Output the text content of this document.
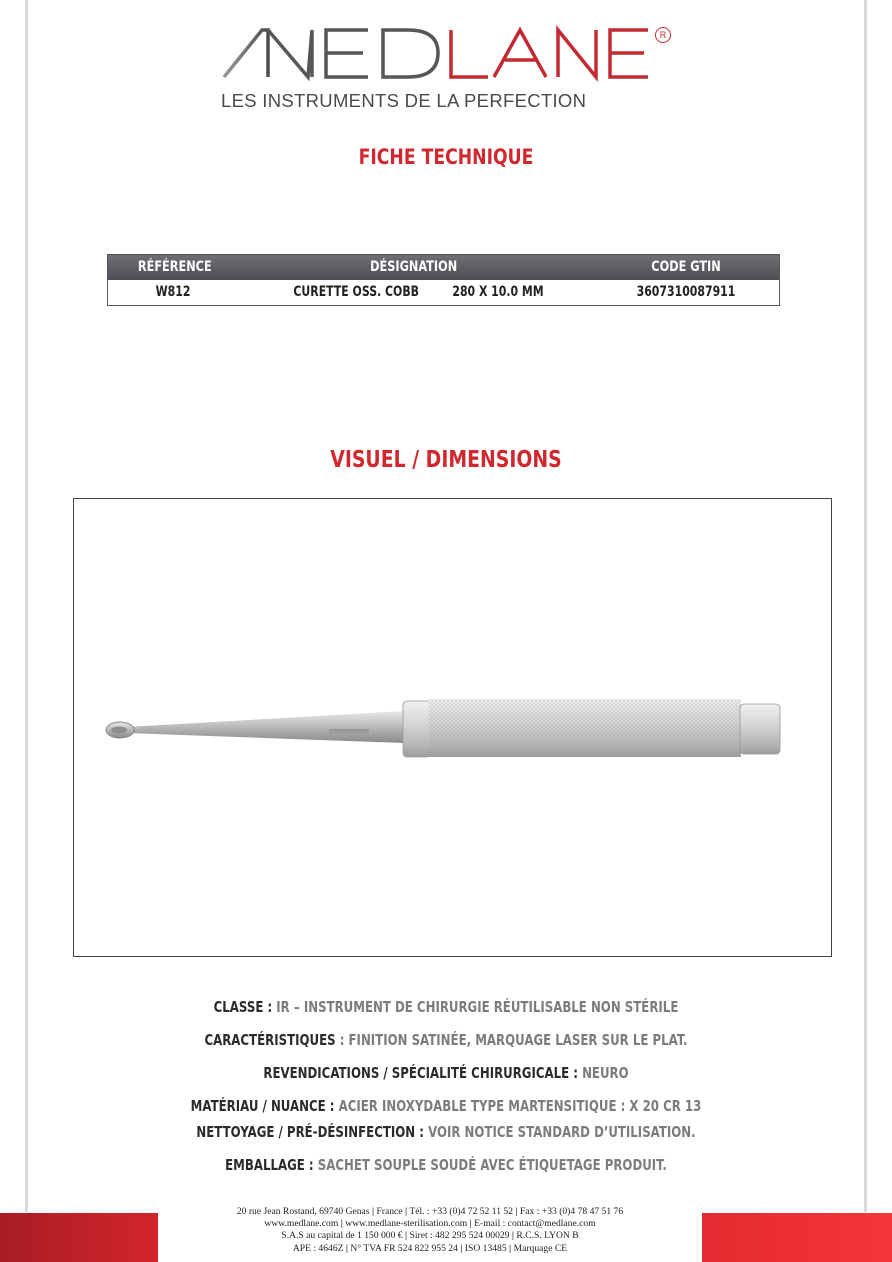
R
LES INSTRUMENTS DE LA PERFECTION
FICHE TECHNIQUE
RÉFÉRENCE	DÉSIGNATION	CODE GTIN
W812	CURETTE OSS. COBB 280 X 10.0 MM	3607310087911
VISUEL / DIMENSIONS
CLASSE : IR – INSTRUMENT DE CHIRURGIE RÉUTILISABLE NON STÉRILE
CARACTÉRISTIQUES : FINITION SATINÉE, MARQUAGE LASER SUR LE PLAT.
REVENDICATIONS / SPÉCIALITÉ CHIRURGICALE : NEURO
MATÉRIAU / NUANCE : ACIER INOXYDABLE TYPE MARTENSITIQUE : X 20 CR 13
NETTOYAGE / PRÉ-DÉSINFECTION : VOIR NOTICE STANDARD D’UTILISATION.
EMBALLAGE : SACHET SOUPLE SOUDÉ AVEC ÉTIQUETAGE PRODUIT.
20 rue Jean Rostand, 69740 Genas | France | Tél. : +33 (0)4 72 52 11 52 | Fax : +33 (0)4 78 47 51 76
www.medlane.com | www.medlane-sterilisation.com | E-mail : contact@medlane.com
S.A.S au capital de 1 150 000 € | Siret : 482 295 524 00029 | R.C.S. LYON B
APE : 4646Z | N° TVA FR 524 822 955 24 | ISO 13485 | Marquage CE
